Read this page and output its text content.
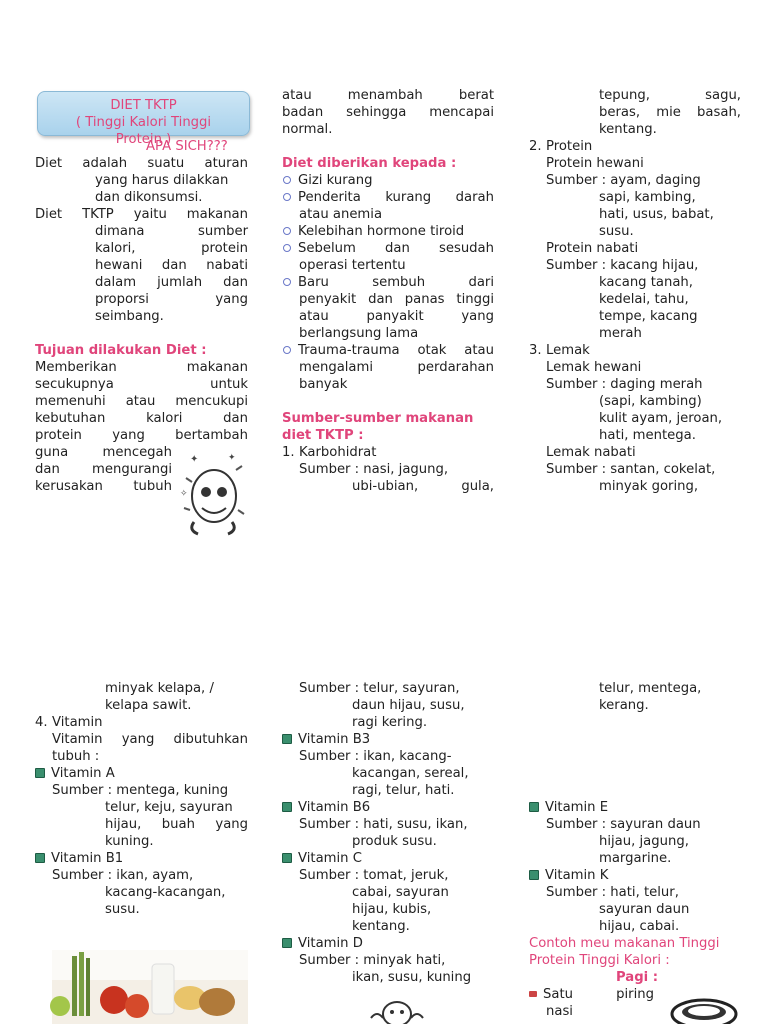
DIET TKTP
( Tinggi Kalori Tinggi
Protein )
APA SICH???

Diet adalah suatu aturan

yang harus dilakkan

dan dikonsumsi.

Diet TKTP yaitu makanan

dimana sumber

kalori, protein

hewani dan nabati

dalam jumlah dan

proporsi yang

seimbang.

Tujuan dilakukan Diet :

Memberikan makanan

secukupnya untuk

memenuhi atau mencukupi

kebutuhan kalori dan

protein yang bertambah

guna mencegah

dan mengurangi

kerusakan tubuh

✦	✦
✧

atau menambah berat

badan sehingga mencapai

normal.

Diet diberikan kepada :

Gizi kurang

Penderita kurang darah

atau anemia

Kelebihan hormone tiroid

Sebelum dan sesudah

operasi tertentu

Baru sembuh dari

penyakit dan panas tinggi

atau panyakit yang

berlangsung lama

Trauma-trauma otak atau

mengalami perdarahan

banyak

Sumber-sumber makanan

diet TKTP :

1. Karbohidrat

Sumber : nasi, jagung,

ubi-ubian, gula,

tepung, sagu,

beras, mie basah,

kentang.

2. Protein

Protein hewani

Sumber : ayam, daging

sapi, kambing,

hati, usus, babat,

susu.

Protein nabati

Sumber : kacang hijau,

kacang tanah,

kedelai, tahu,

tempe, kacang

merah

3. Lemak

Lemak hewani

Sumber : daging merah

(sapi, kambing)

kulit ayam, jeroan,

hati, mentega.

Lemak nabati

Sumber : santan, cokelat,

minyak goring,

minyak kelapa, /

kelapa sawit.

4. Vitamin

Vitamin yang dibutuhkan

tubuh :

Vitamin A

Sumber : mentega, kuning

telur, keju, sayuran

hijau, buah yang

kuning.

Vitamin B1

Sumber : ikan, ayam,

kacang-kacangan,

susu.

Sumber : telur, sayuran,

daun hijau, susu,

ragi kering.

Vitamin B3

Sumber : ikan, kacang-

kacangan, sereal,

ragi, telur, hati.

Vitamin B6

Sumber : hati, susu, ikan,

produk susu.

Vitamin C

Sumber : tomat, jeruk,

cabai, sayuran

hijau, kubis,

kentang.

Vitamin D

Sumber : minyak hati,

ikan, susu, kuning

telur, mentega,

kerang.

Vitamin E

Sumber : sayuran daun

hijau, jagung,

margarine.

Vitamin K

Sumber : hati, telur,

sayuran daun

hijau, cabai.

Contoh meu makanan Tinggi

Protein Tinggi Kalori :

Pagi :

Satu piring

nasi
